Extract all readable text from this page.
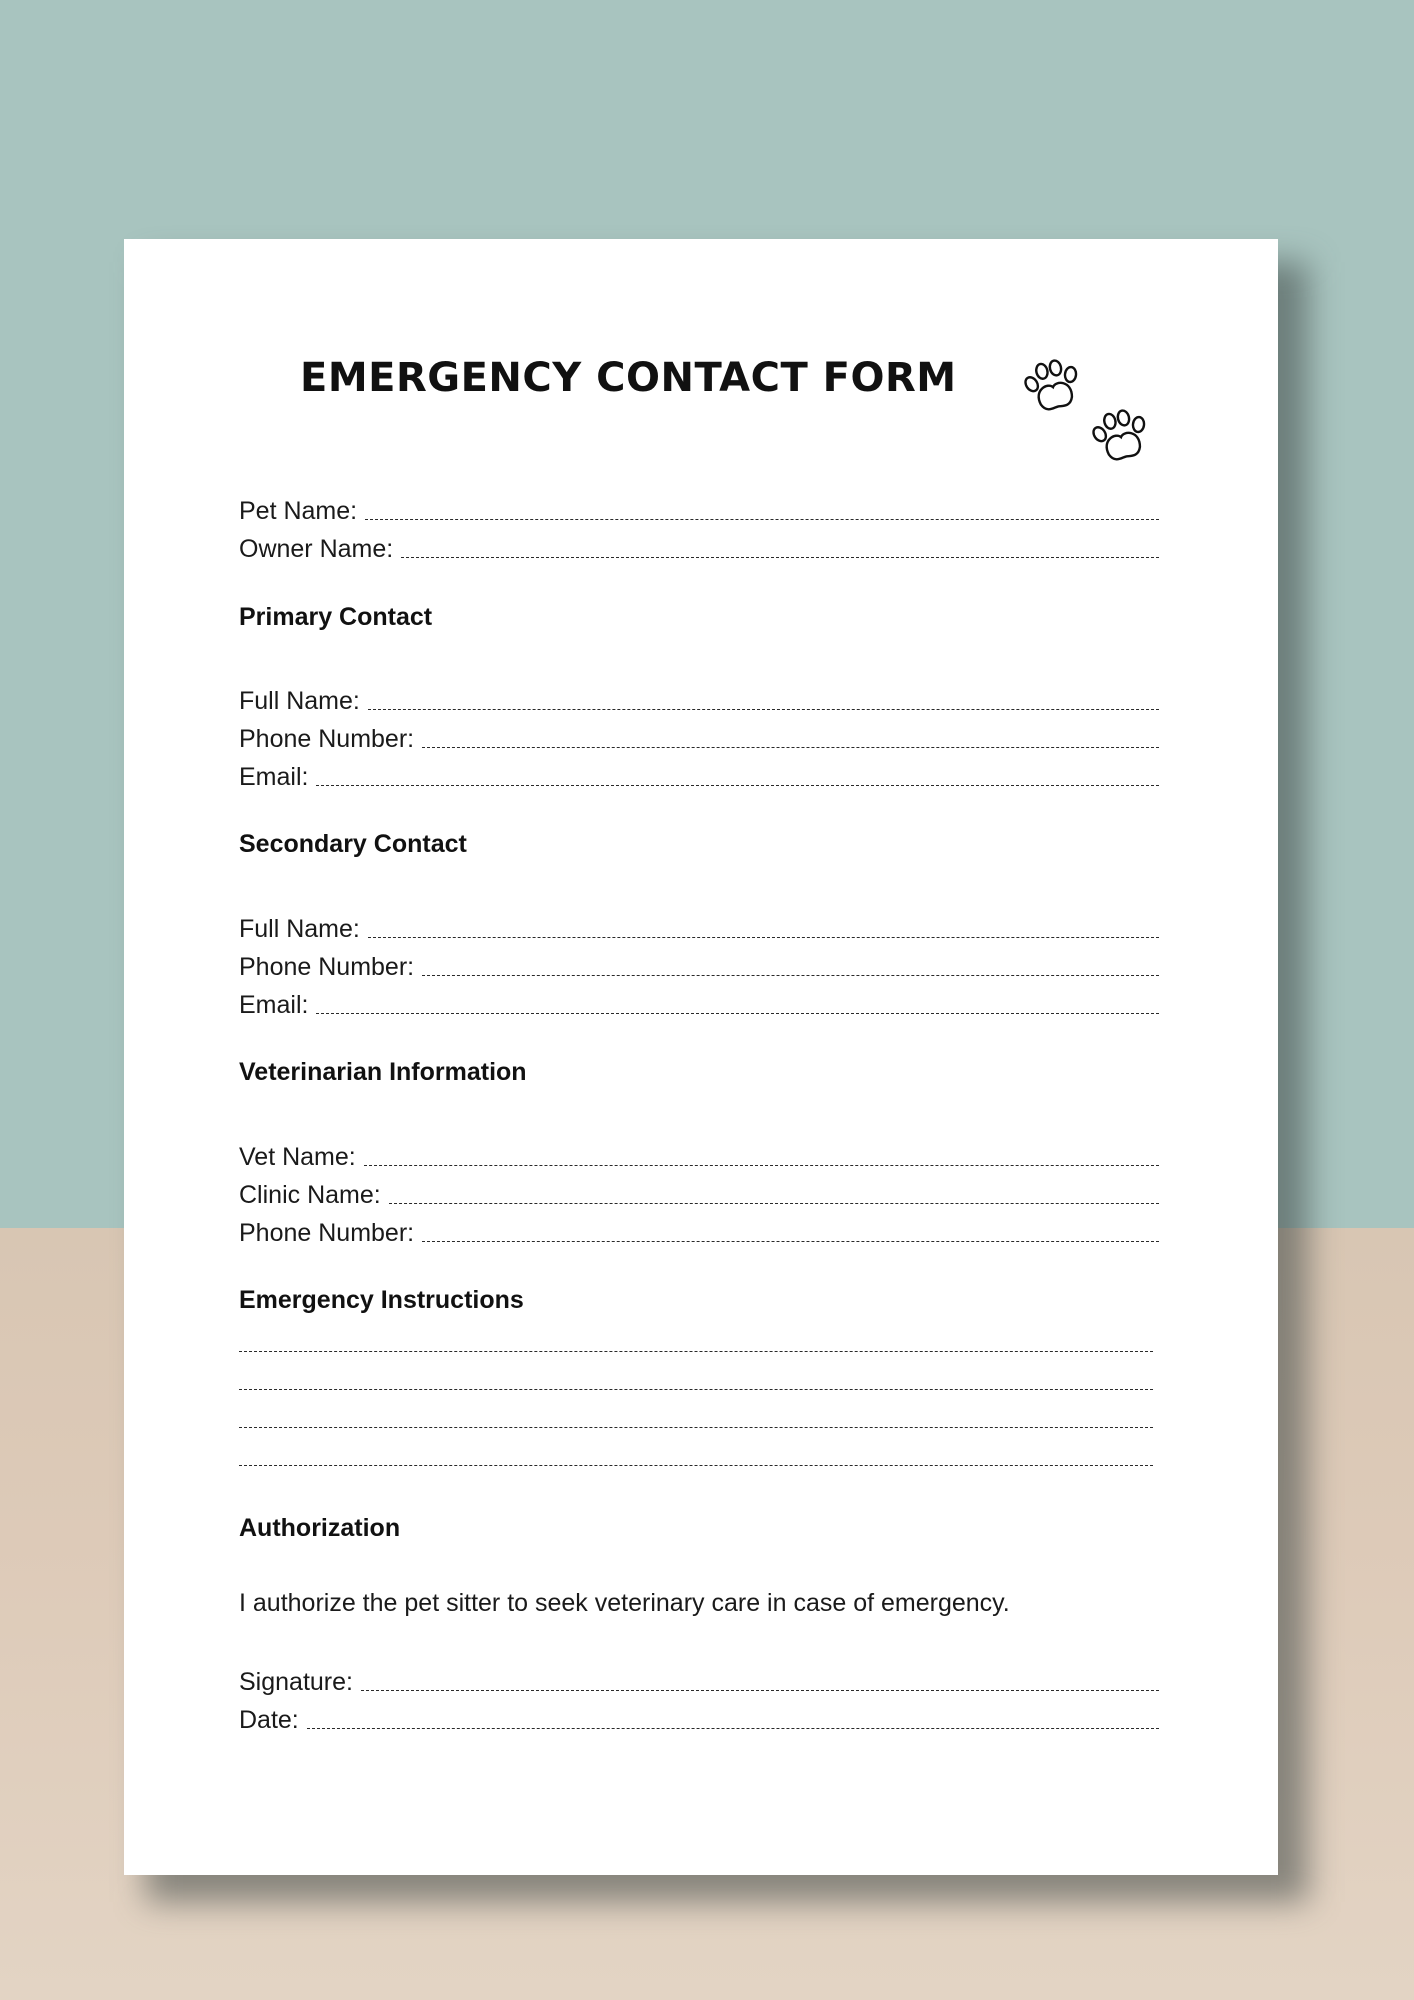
EMERGENCY CONTACT FORM
Pet Name:
Owner Name:
Primary Contact
Full Name:
Phone Number:
Email:
Secondary Contact
Full Name:
Phone Number:
Email:
Veterinarian Information
Vet Name:
Clinic Name:
Phone Number:
Emergency Instructions
Authorization
I authorize the pet sitter to seek veterinary care in case of emergency.
Signature:
Date:
